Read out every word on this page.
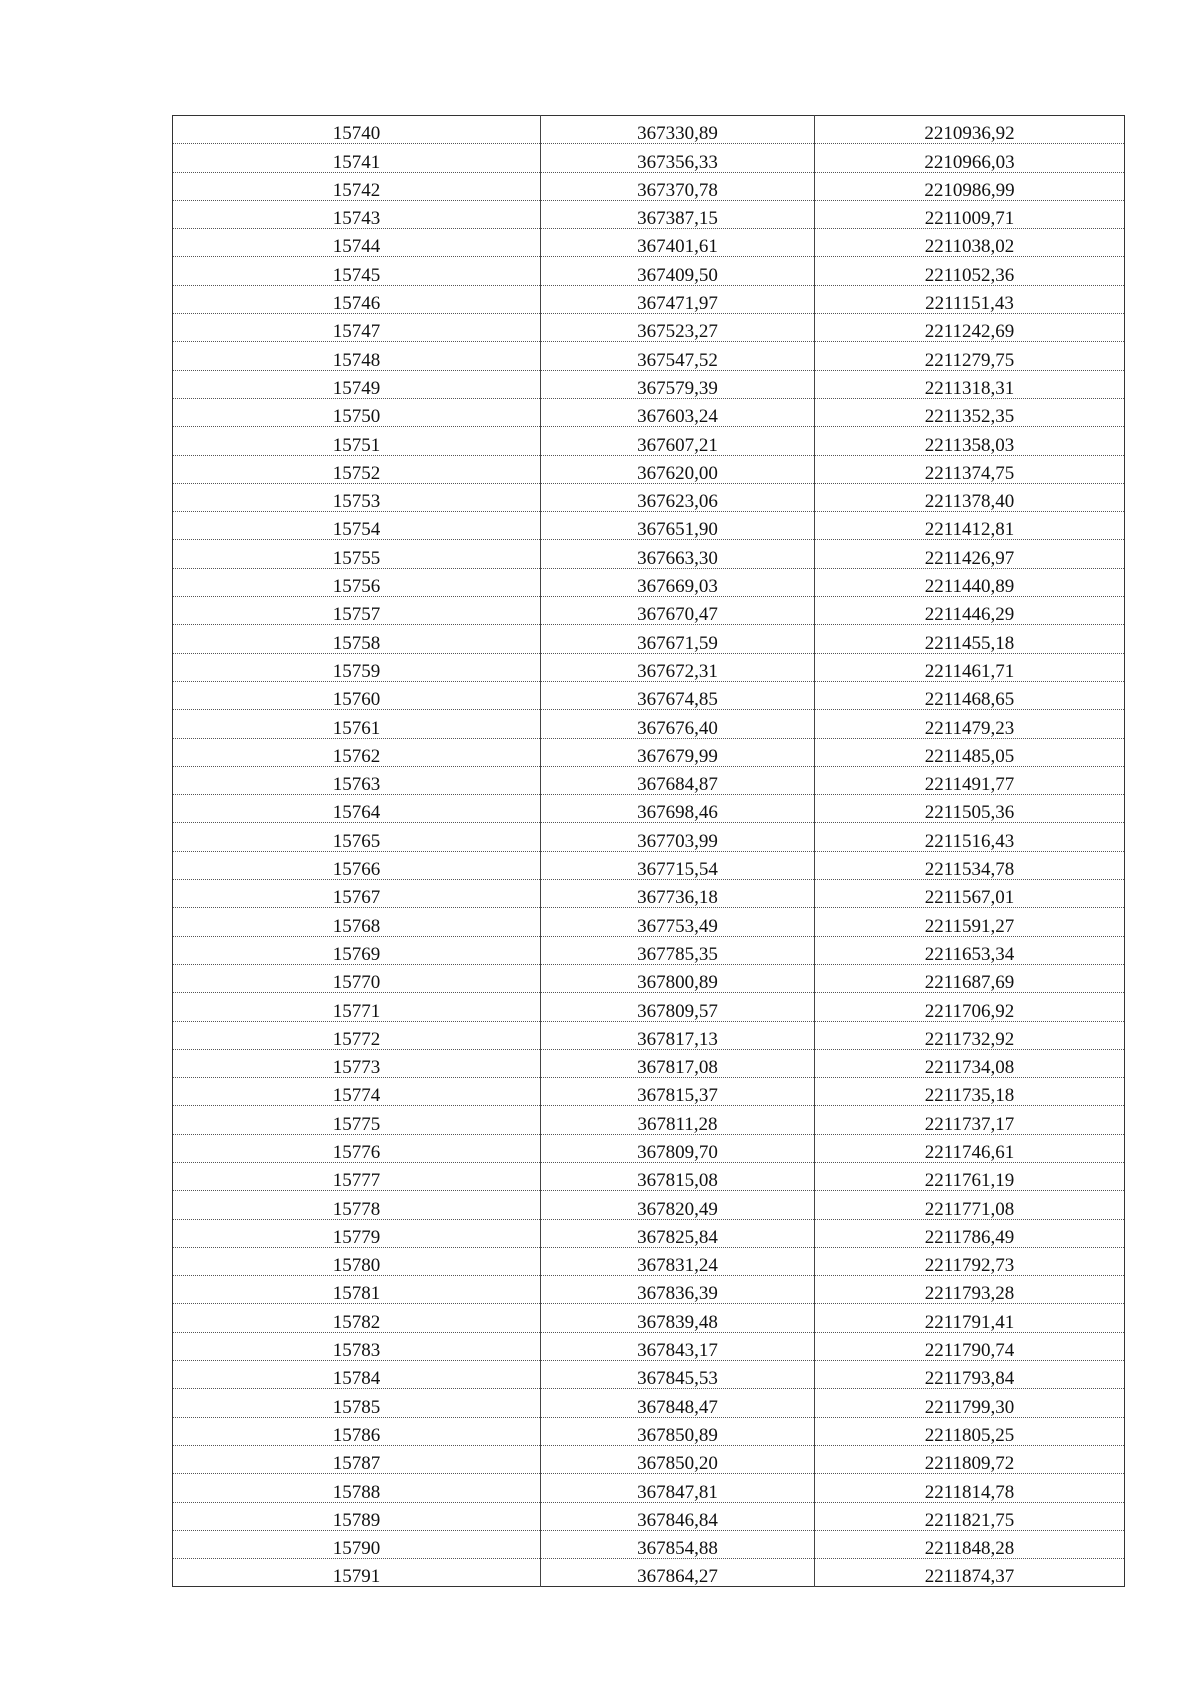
15740	367330,89	2210936,92
15741	367356,33	2210966,03
15742	367370,78	2210986,99
15743	367387,15	2211009,71
15744	367401,61	2211038,02
15745	367409,50	2211052,36
15746	367471,97	2211151,43
15747	367523,27	2211242,69
15748	367547,52	2211279,75
15749	367579,39	2211318,31
15750	367603,24	2211352,35
15751	367607,21	2211358,03
15752	367620,00	2211374,75
15753	367623,06	2211378,40
15754	367651,90	2211412,81
15755	367663,30	2211426,97
15756	367669,03	2211440,89
15757	367670,47	2211446,29
15758	367671,59	2211455,18
15759	367672,31	2211461,71
15760	367674,85	2211468,65
15761	367676,40	2211479,23
15762	367679,99	2211485,05
15763	367684,87	2211491,77
15764	367698,46	2211505,36
15765	367703,99	2211516,43
15766	367715,54	2211534,78
15767	367736,18	2211567,01
15768	367753,49	2211591,27
15769	367785,35	2211653,34
15770	367800,89	2211687,69
15771	367809,57	2211706,92
15772	367817,13	2211732,92
15773	367817,08	2211734,08
15774	367815,37	2211735,18
15775	367811,28	2211737,17
15776	367809,70	2211746,61
15777	367815,08	2211761,19
15778	367820,49	2211771,08
15779	367825,84	2211786,49
15780	367831,24	2211792,73
15781	367836,39	2211793,28
15782	367839,48	2211791,41
15783	367843,17	2211790,74
15784	367845,53	2211793,84
15785	367848,47	2211799,30
15786	367850,89	2211805,25
15787	367850,20	2211809,72
15788	367847,81	2211814,78
15789	367846,84	2211821,75
15790	367854,88	2211848,28
15791	367864,27	2211874,37
